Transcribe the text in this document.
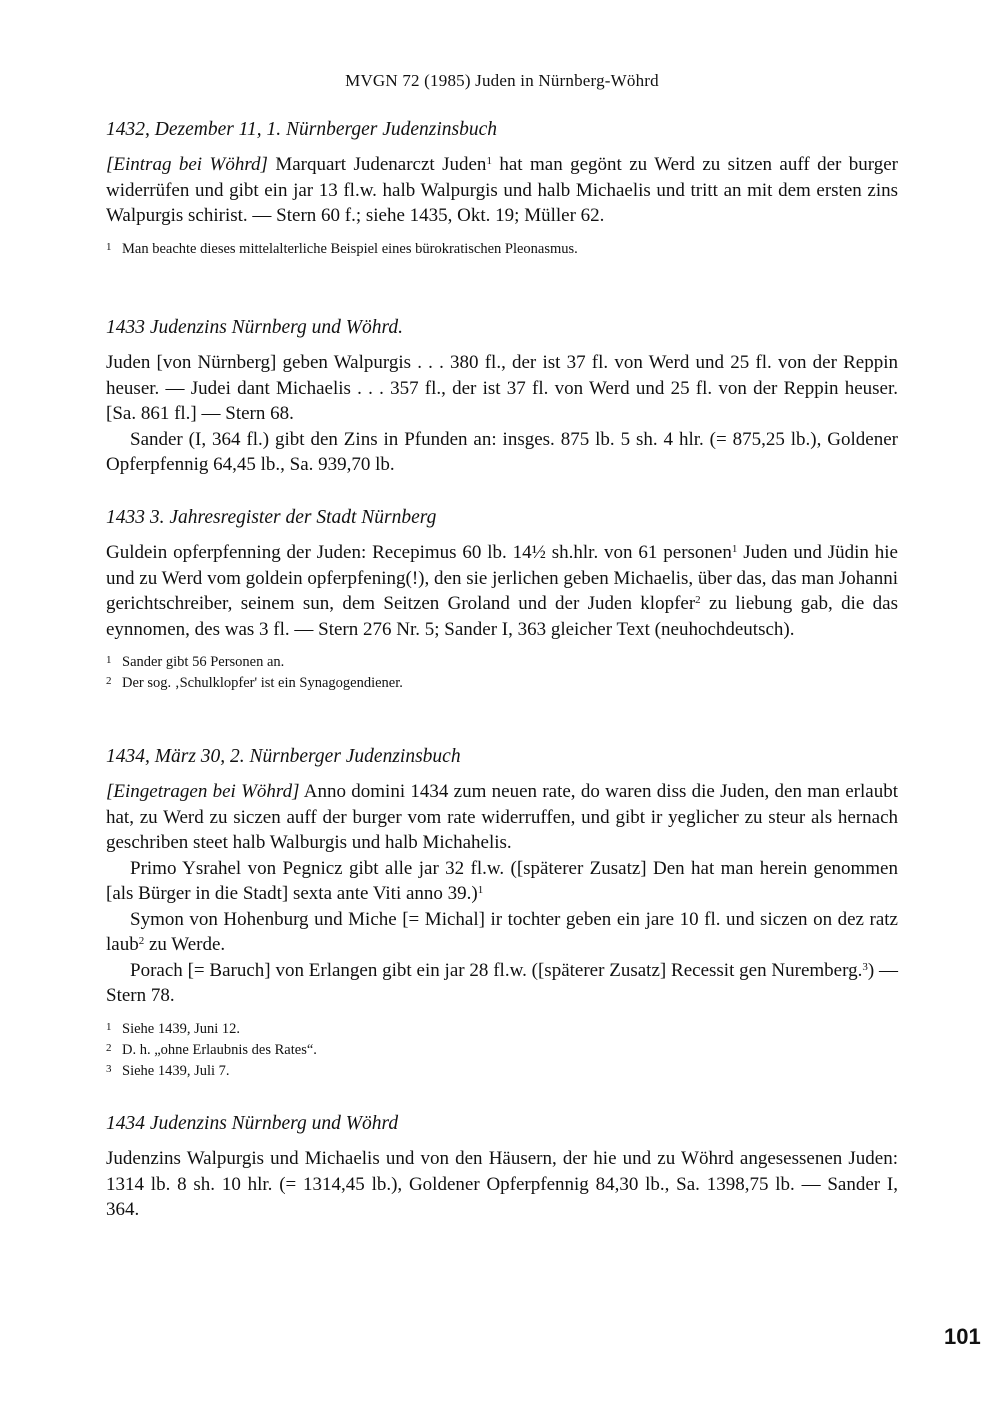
MVGN 72 (1985) Juden in Nürnberg-Wöhrd
1432, Dezember 11, 1. Nürnberger Judenzinsbuch

[Eintrag bei Wöhrd] Marquart Judenarczt Juden$^1$ hat man gegönt zu Werd zu sitzen auff der burger widerrüfen und gibt ein jar 13 fl.w. halb Walpurgis und halb Michaelis und tritt an mit dem ersten zins Walpurgis schirist. — Stern 60 f.; siehe 1435, Okt. 19; Müller 62.

1 Man beachte dieses mittelalterliche Beispiel eines bürokratischen Pleonasmus.
1433 Judenzins Nürnberg und Wöhrd.

Juden [von Nürnberg] geben Walpurgis . . . 380 fl., der ist 37 fl. von Werd und 25 fl. von der Reppin heuser. — Judei dant Michaelis . . . 357 fl., der ist 37 fl. von Werd und 25 fl. von der Reppin heuser. [Sa. 861 fl.] — Stern 68.

Sander (I, 364 fl.) gibt den Zins in Pfunden an: insges. 875 lb. 5 sh. 4 hlr. (= 875,25 lb.), Goldener Opferpfennig 64,45 lb., Sa. 939,70 lb.

1433 3. Jahresregister der Stadt Nürnberg

Guldein opferpfenning der Juden: Recepimus 60 lb. 14½ sh.hlr. von 61 personen$^1$ Juden und Jüdin hie und zu Werd vom goldein opferpfening(!), den sie jerlichen geben Michaelis, über das, das man Johanni gerichtschreiber, seinem sun, dem Seitzen Groland und der Juden klopfer$^2$ zu liebung gab, die das eynnomen, des was 3 fl. — Stern 276 Nr. 5; Sander I, 363 gleicher Text (neuhochdeutsch).

1 Sander gibt 56 Personen an.
2 Der sog. ‚Schulklopfer' ist ein Synagogendiener.
1434, März 30, 2. Nürnberger Judenzinsbuch

[Eingetragen bei Wöhrd] Anno domini 1434 zum neuen rate, do waren diss die Juden, den man erlaubt hat, zu Werd zu siczen auff der burger vom rate widerruffen, und gibt ir yeglicher zu steur als hernach geschriben steet halb Walburgis und halb Michahelis.

Primo Ysrahel von Pegnicz gibt alle jar 32 fl.w. ([späterer Zusatz] Den hat man herein genommen [als Bürger in die Stadt] sexta ante Viti anno 39.)$^1$

Symon von Hohenburg und Miche [= Michal] ir tochter geben ein jare 10 fl. und siczen on dez ratz laub$^2$ zu Werde.

Porach [= Baruch] von Erlangen gibt ein jar 28 fl.w. ([späterer Zusatz] Recessit gen Nuremberg.$^3$) — Stern 78.

1 Siehe 1439, Juni 12.
2 D. h. „ohne Erlaubnis des Rates“.
3 Siehe 1439, Juli 7.
1434 Judenzins Nürnberg und Wöhrd

Judenzins Walpurgis und Michaelis und von den Häusern, der hie und zu Wöhrd angesessenen Juden: 1314 lb. 8 sh. 10 hlr. (= 1314,45 lb.), Goldener Opferpfennig 84,30 lb., Sa. 1398,75 lb. — Sander I, 364.

101
